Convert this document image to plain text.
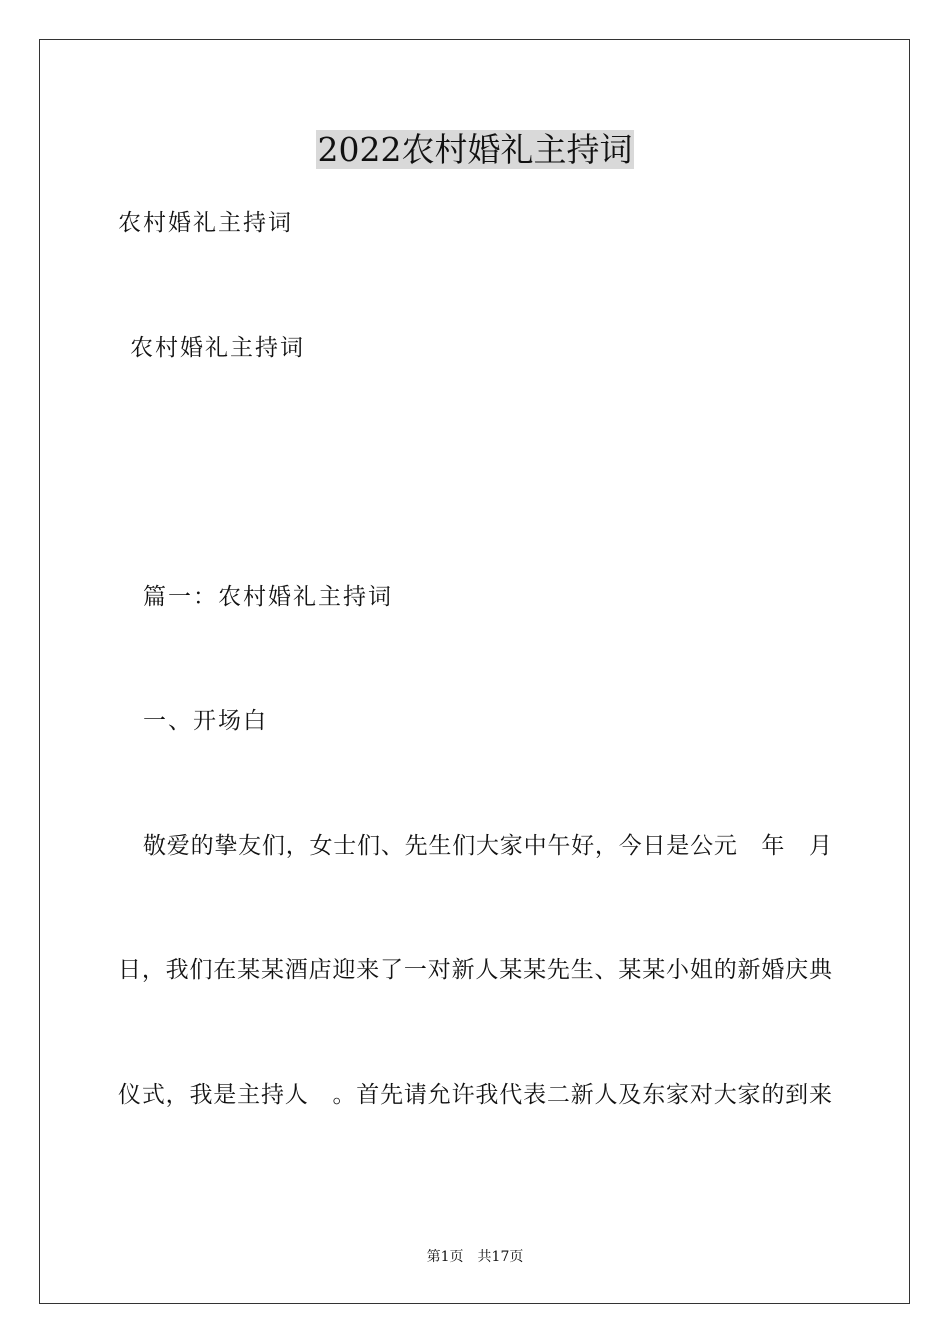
2022农村婚礼主持词
农村婚礼主持词
农村婚礼主持词
篇一：农村婚礼主持词
一、开场白
敬爱的挚友们，女士们、先生们大家中午好，今日是公元　年　月
日，我们在某某酒店迎来了一对新人某某先生、某某小姐的新婚庆典
仪式，我是主持人　。首先请允许我代表二新人及东家对大家的到来
第1页　共17页
